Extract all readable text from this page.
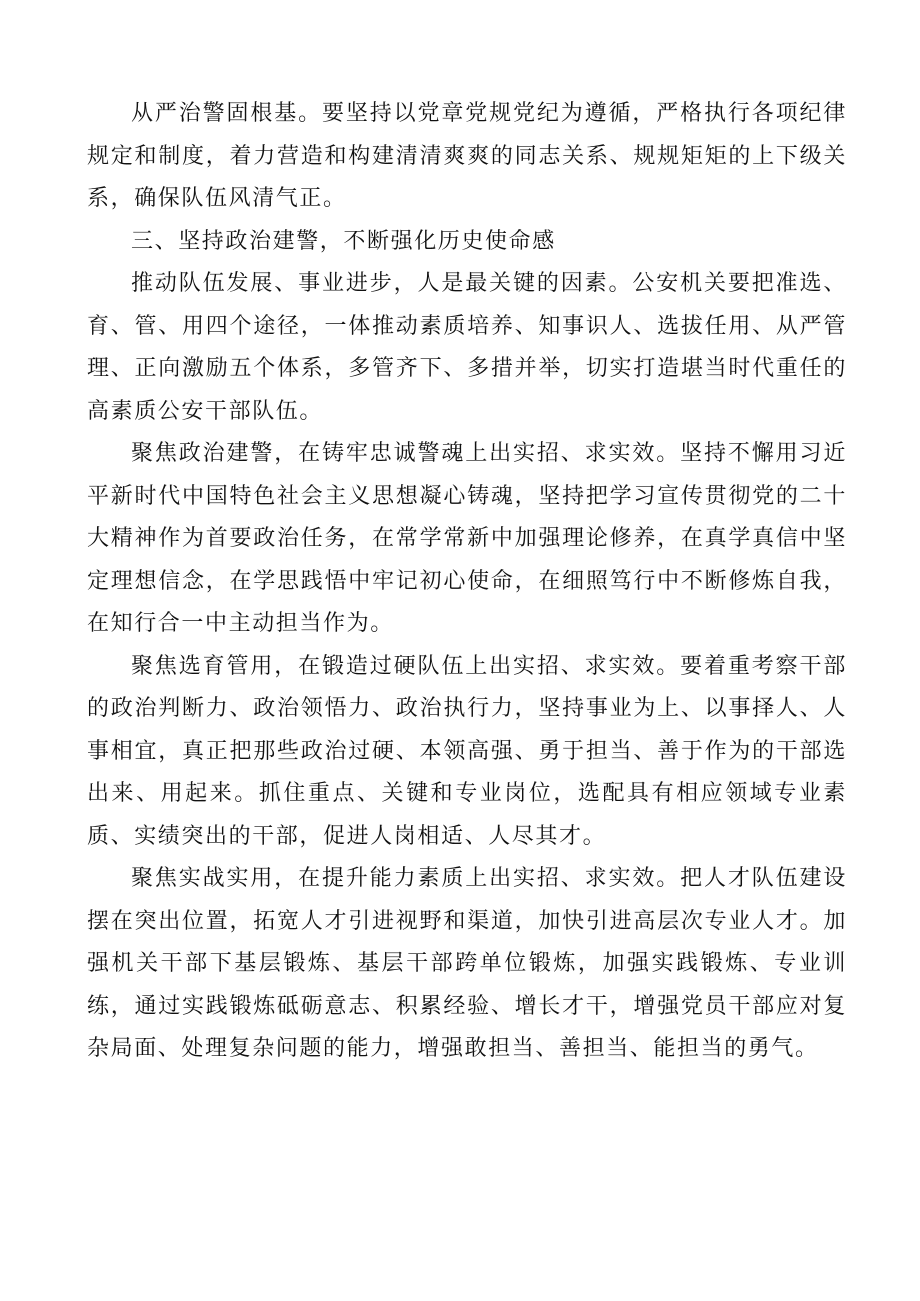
从严治警固根基。要坚持以党章党规党纪为遵循，严格执行各项纪律规定和制度，着力营造和构建清清爽爽的同志关系、规规矩矩的上下级关系，确保队伍风清气正。

三、坚持政治建警，不断强化历史使命感

推动队伍发展、事业进步，人是最关键的因素。公安机关要把准选、育、管、用四个途径，一体推动素质培养、知事识人、选拔任用、从严管理、正向激励五个体系，多管齐下、多措并举，切实打造堪当时代重任的高素质公安干部队伍。

聚焦政治建警，在铸牢忠诚警魂上出实招、求实效。坚持不懈用习近平新时代中国特色社会主义思想凝心铸魂，坚持把学习宣传贯彻党的二十大精神作为首要政治任务，在常学常新中加强理论修养，在真学真信中坚定理想信念，在学思践悟中牢记初心使命，在细照笃行中不断修炼自我，在知行合一中主动担当作为。

聚焦选育管用，在锻造过硬队伍上出实招、求实效。要着重考察干部的政治判断力、政治领悟力、政治执行力，坚持事业为上、以事择人、人事相宜，真正把那些政治过硬、本领高强、勇于担当、善于作为的干部选出来、用起来。抓住重点、关键和专业岗位，选配具有相应领域专业素质、实绩突出的干部，促进人岗相适、人尽其才。

聚焦实战实用，在提升能力素质上出实招、求实效。把人才队伍建设摆在突出位置，拓宽人才引进视野和渠道，加快引进高层次专业人才。加强机关干部下基层锻炼、基层干部跨单位锻炼，加强实践锻炼、专业训练，通过实践锻炼砥砺意志、积累经验、增长才干，增强党员干部应对复杂局面、处理复杂问题的能力，增强敢担当、善担当、能担当的勇气。
